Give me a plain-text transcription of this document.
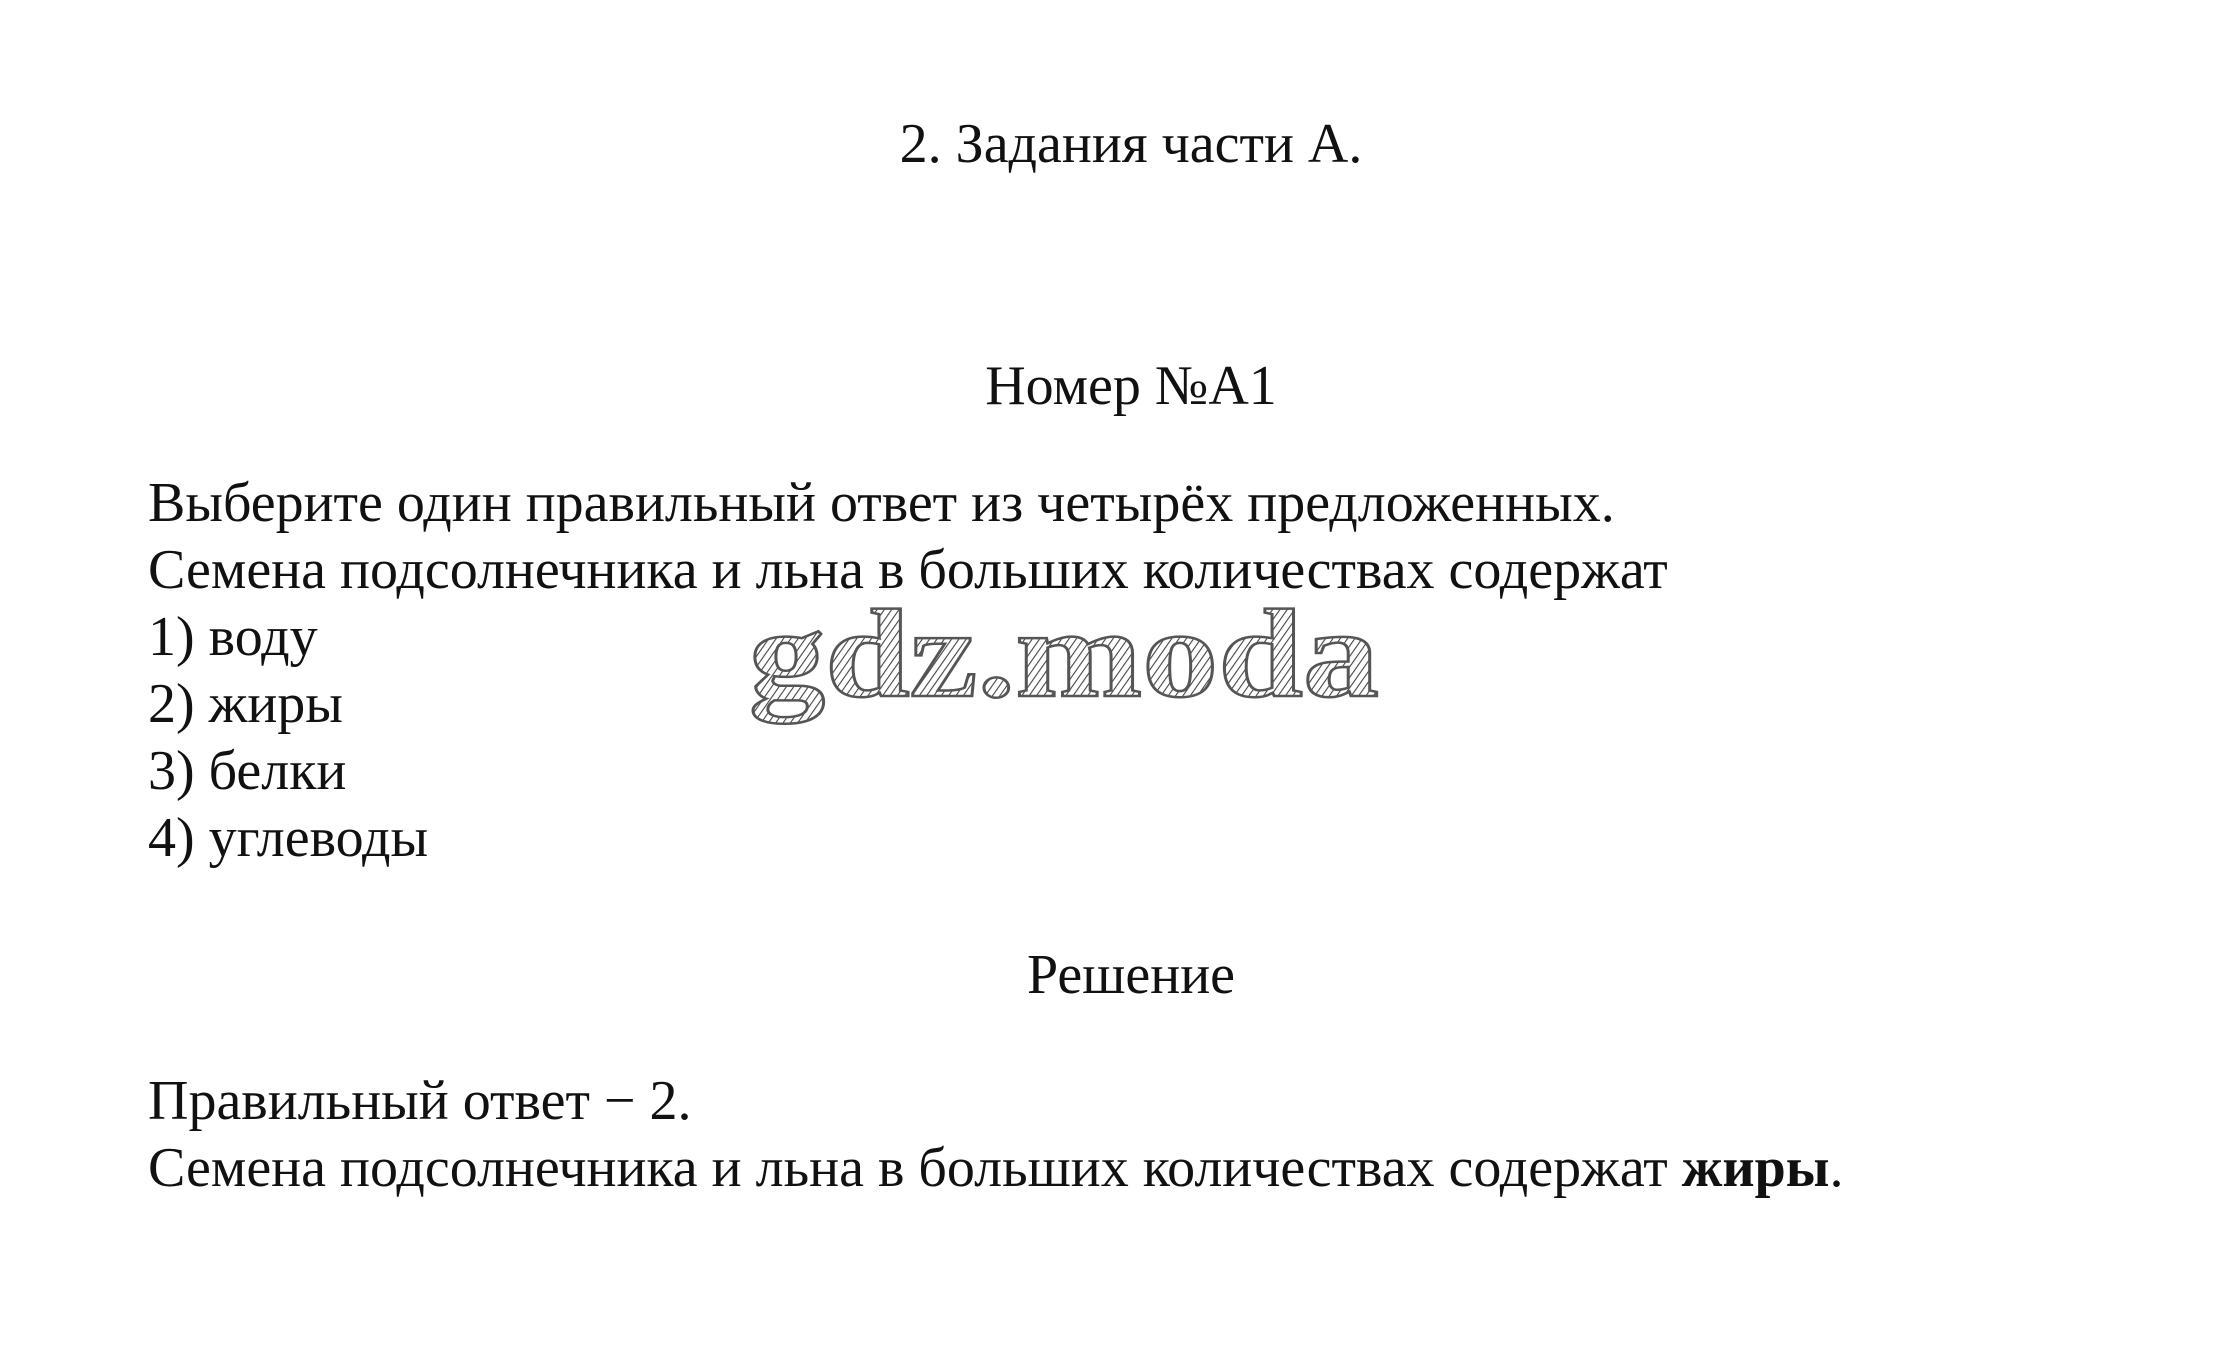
2. Задания части А.
Номер №А1
Выберите один правильный ответ из четырёх предложенных.
Семена подсолнечника и льна в больших количествах содержат
1) воду
2) жиры
3) белки
4) углеводы
Решение
Правильный ответ − 2.
Семена подсолнечника и льна в больших количествах содержат жиры.
gdz.moda
